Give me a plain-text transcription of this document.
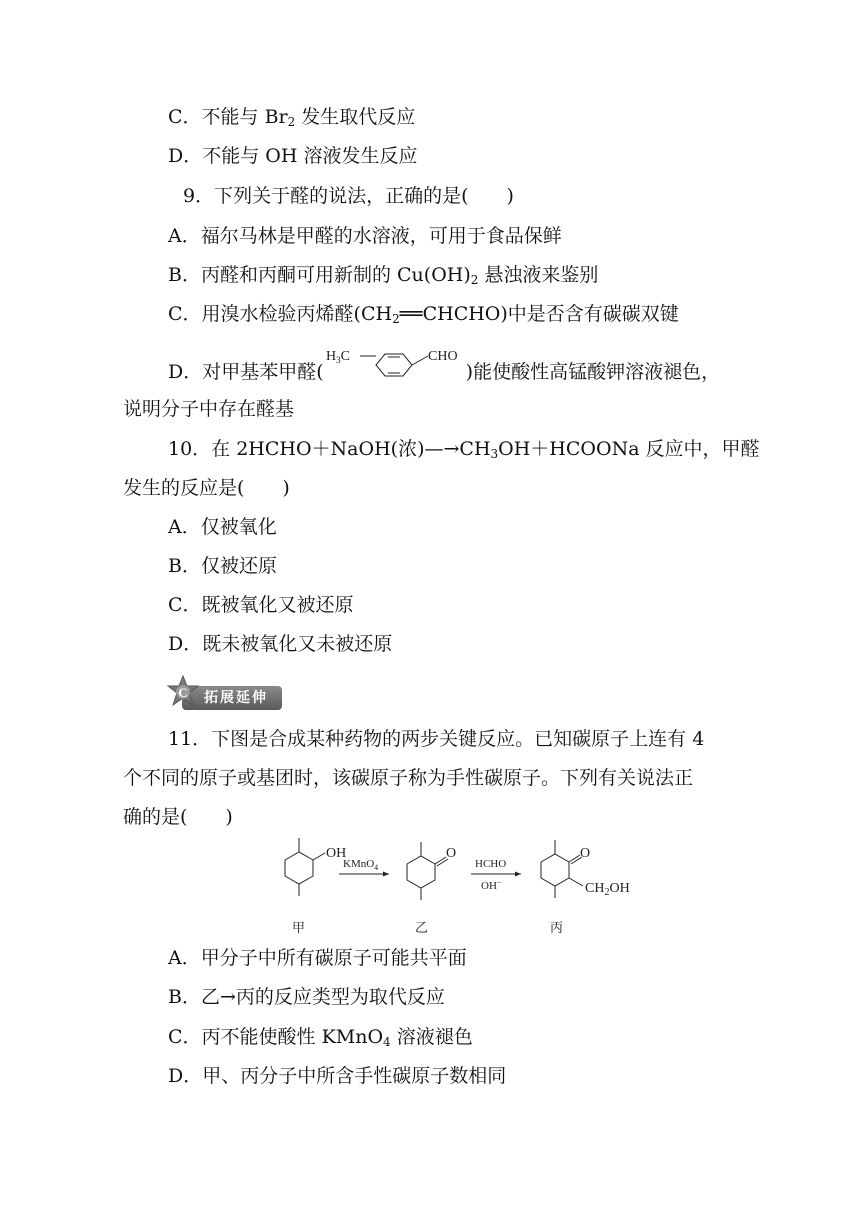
C．不能与 $Br_2$ 发生取代反应
D．不能与 OH 溶液发生反应
9．下列关于醛的说法，正确的是(　　)
A．福尔马林是甲醛的水溶液，可用于食品保鲜
B．丙醛和丙酮可用新制的 $Cu(OH)_2$ 悬浊液来鉴别
C．用溴水检验丙烯醛$(CH_2══CHCHO)$中是否含有碳碳双键
D．对甲基苯甲醛(
$H_3C$	CHO
)能使酸性高锰酸钾溶液褪色，
说明分子中存在醛基
10．在 2HCHO＋NaOH(浓)$—\to CH_3OH+HCOONa$ 反应中，甲醛
发生的反应是(　　)
A．仅被氧化
B．仅被还原
C．既被氧化又被还原
D．既未被氧化又未被还原
拓展延伸
C
11．下图是合成某种药物的两步关键反应。已知碳原子上连有 4
个不同的原子或基团时，该碳原子称为手性碳原子。下列有关说法正
确的是(　　)
OH
甲
KMnO$_4$
O
乙
HCHO
OH−
O
$CH_2OH$
丙
A．甲分子中所有碳原子可能共平面
B．乙→丙的反应类型为取代反应
C．丙不能使酸性 KMnO$_4$ 溶液褪色
D．甲、丙分子中所含手性碳原子数相同
